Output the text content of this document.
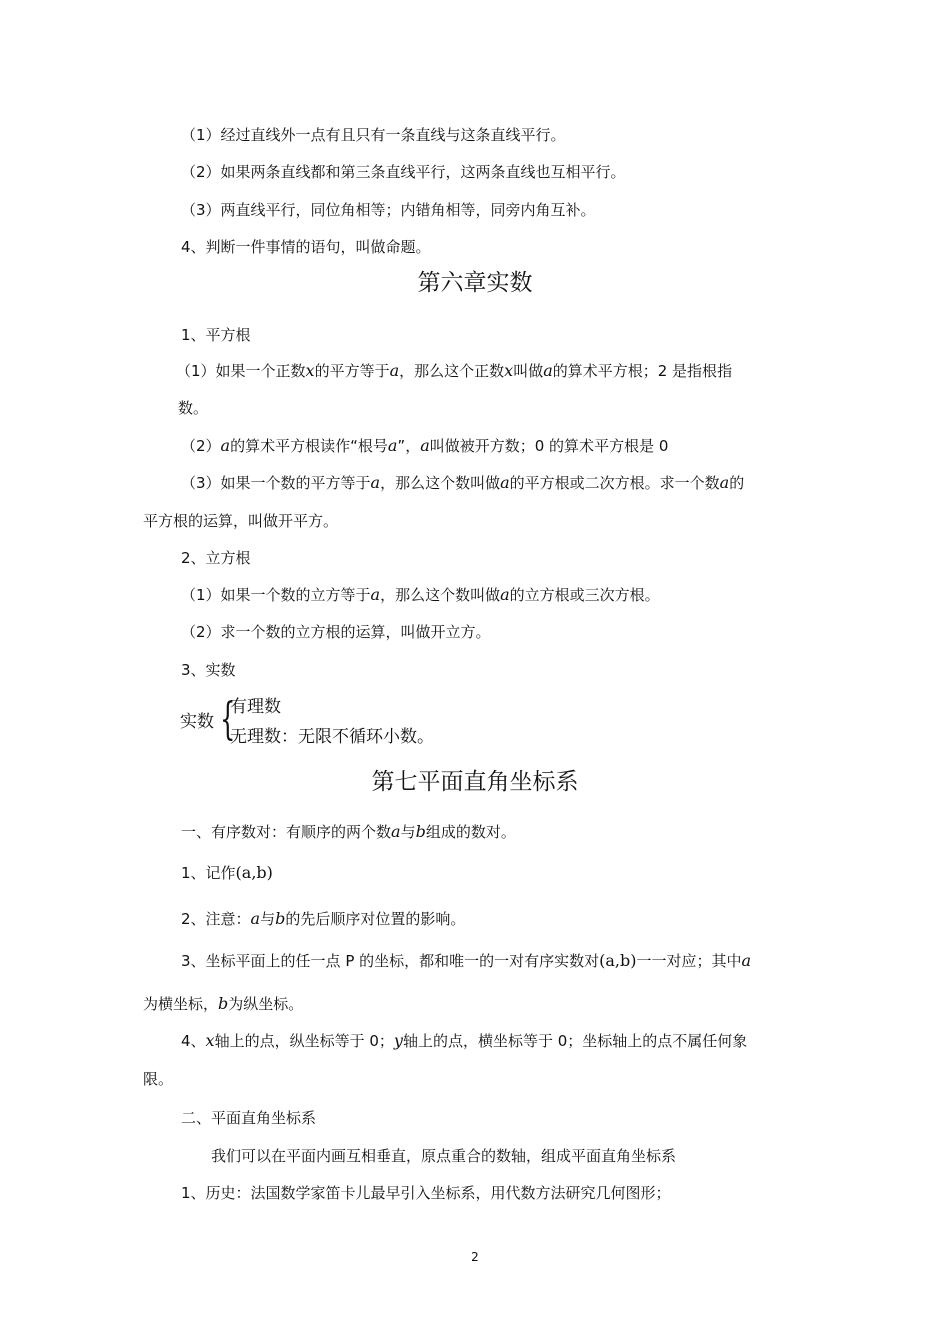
（1）经过直线外一点有且只有一条直线与这条直线平行。
（2）如果两条直线都和第三条直线平行，这两条直线也互相平行。
（3）两直线平行，同位角相等；内错角相等，同旁内角互补。
4、判断一件事情的语句，叫做命题。
第六章实数
1、平方根
（1）如果一个正数x的平方等于a，那么这个正数x叫做a的算术平方根；2 是指根指
数。
（2）a的算术平方根读作“根号a”，a叫做被开方数；0 的算术平方根是 0
（3）如果一个数的平方等于a，那么这个数叫做a的平方根或二次方根。求一个数a的
平方根的运算，叫做开平方。
2、立方根
（1）如果一个数的立方等于a，那么这个数叫做a的立方根或三次方根。
（2）求一个数的立方根的运算，叫做开立方。
3、实数
实数 {
有理数
无理数：无限不循环小数。
第七平面直角坐标系
一、有序数对：有顺序的两个数a与b组成的数对。
1、记作(a,b)
2、注意：a与b的先后顺序对位置的影响。
3、坐标平面上的任一点 P 的坐标，都和唯一的一对有序实数对(a,b)一一对应；其中a
为横坐标，b为纵坐标。
4、x轴上的点，纵坐标等于 0；y轴上的点，横坐标等于 0；坐标轴上的点不属任何象
限。
二、平面直角坐标系
我们可以在平面内画互相垂直，原点重合的数轴，组成平面直角坐标系
1、历史：法国数学家笛卡儿最早引入坐标系，用代数方法研究几何图形；
2
